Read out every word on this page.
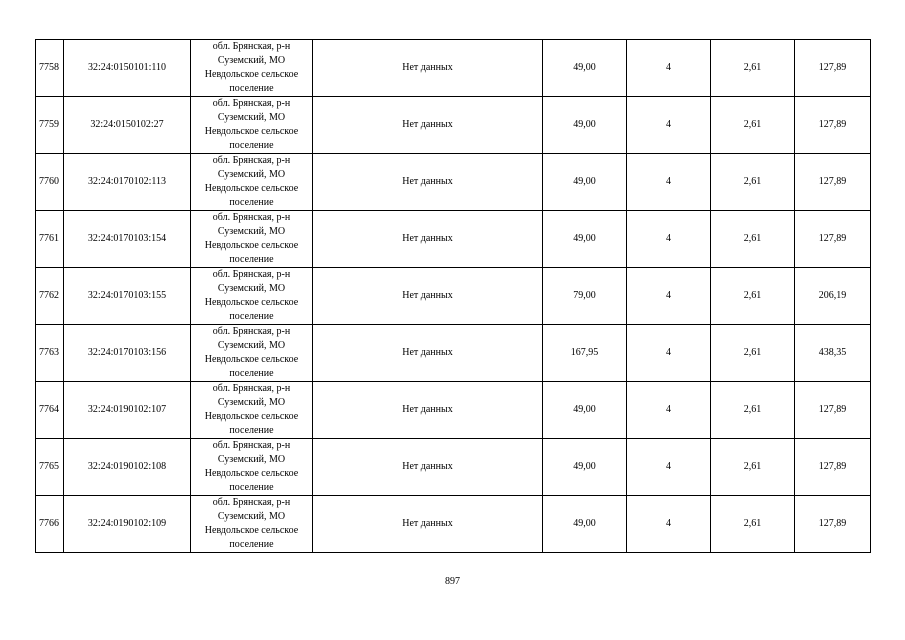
7758	32:24:0150101:110	обл. Брянская, р-н Суземский, МО Невдольское сельское поселение	Нет данных	49,00	4	2,61	127,89
7759	32:24:0150102:27	обл. Брянская, р-н Суземский, МО Невдольское сельское поселение	Нет данных	49,00	4	2,61	127,89
7760	32:24:0170102:113	обл. Брянская, р-н Суземский, МО Невдольское сельское поселение	Нет данных	49,00	4	2,61	127,89
7761	32:24:0170103:154	обл. Брянская, р-н Суземский, МО Невдольское сельское поселение	Нет данных	49,00	4	2,61	127,89
7762	32:24:0170103:155	обл. Брянская, р-н Суземский, МО Невдольское сельское поселение	Нет данных	79,00	4	2,61	206,19
7763	32:24:0170103:156	обл. Брянская, р-н Суземский, МО Невдольское сельское поселение	Нет данных	167,95	4	2,61	438,35
7764	32:24:0190102:107	обл. Брянская, р-н Суземский, МО Невдольское сельское поселение	Нет данных	49,00	4	2,61	127,89
7765	32:24:0190102:108	обл. Брянская, р-н Суземский, МО Невдольское сельское поселение	Нет данных	49,00	4	2,61	127,89
7766	32:24:0190102:109	обл. Брянская, р-н Суземский, МО Невдольское сельское поселение	Нет данных	49,00	4	2,61	127,89
897
